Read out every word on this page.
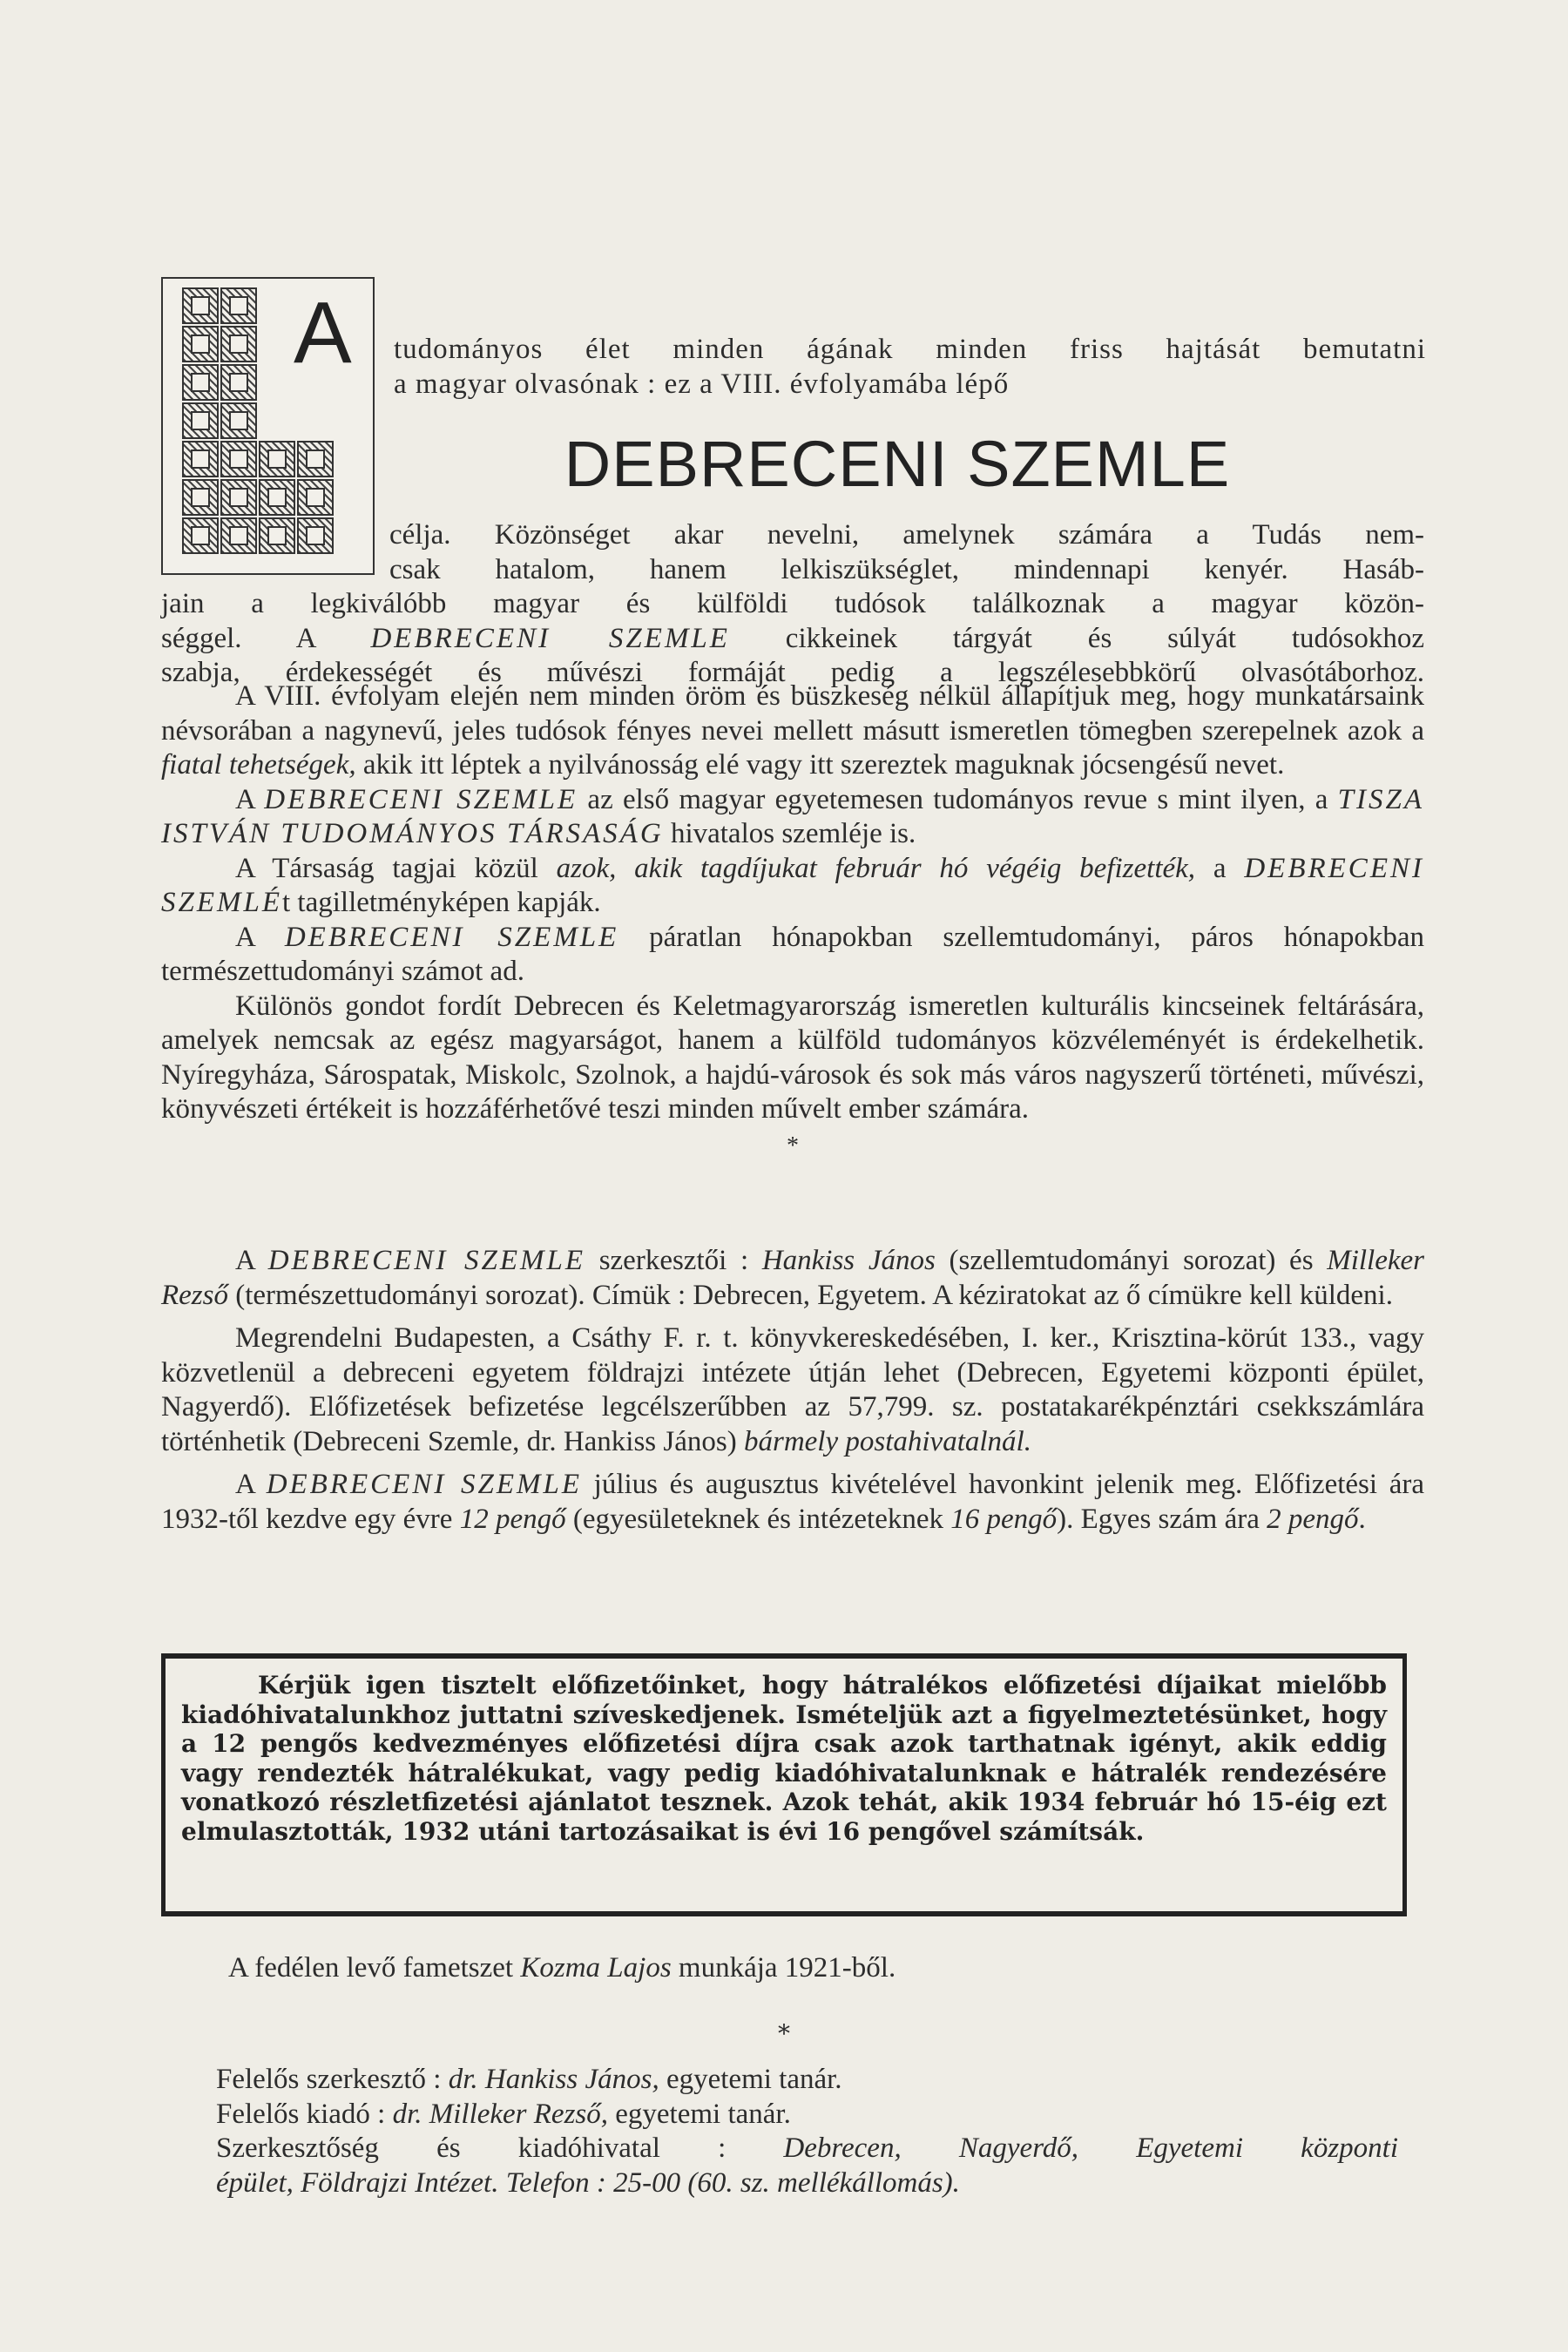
A tudományos élet minden ágának minden friss hajtását bemutatni
a magyar olvasónak : ez a VIII. évfolyamába lépő
DEBRECENI SZEMLE
célja. Közönséget akar nevelni, amelynek számára a Tudás nem-
csak hatalom, hanem lelkiszükséglet, mindennapi kenyér. Hasáb-
jain a legkiválóbb magyar és külföldi tudósok találkoznak a magyar közön-
séggel. A DEBRECENI SZEMLE cikkeinek tárgyát és súlyát tudósokhoz
szabja, érdekességét és művészi formáját pedig a legszélesebbkörű olvasótáborhoz.

A VIII. évfolyam elején nem minden öröm és büszkeség nélkül állapítjuk meg, hogy munkatársaink névsorában a nagynevű, jeles tudósok fényes nevei mellett másutt ismeretlen tömegben szerepelnek azok a fiatal tehetségek, akik itt léptek a nyilvánosság elé vagy itt szereztek maguknak jócsengésű nevet.

A DEBRECENI SZEMLE az első magyar egyetemesen tudományos revue s mint ilyen, a TISZA ISTVÁN TUDOMÁNYOS TÁRSASÁG hivatalos szemléje is.

A Társaság tagjai közül azok, akik tagdíjukat február hó végéig befizették, a DEBRECENI SZEMLÉt tagilletményképen kapják.

A DEBRECENI SZEMLE páratlan hónapokban szellemtudományi, páros hónapokban természettudományi számot ad.

Különös gondot fordít Debrecen és Keletmagyarország ismeretlen kulturális kincseinek feltárására, amelyek nemcsak az egész magyarságot, hanem a külföld tudományos közvéleményét is érdekelhetik. Nyíregyháza, Sárospatak, Miskolc, Szolnok, a hajdú-városok és sok más város nagyszerű történeti, művészi, könyvészeti értékeit is hozzáférhetővé teszi minden művelt ember számára.

*

A DEBRECENI SZEMLE szerkesztői : Hankiss János (szellemtudományi sorozat) és Milleker Rezső (természettudományi sorozat). Címük : Debrecen, Egyetem. A kéziratokat az ő címükre kell küldeni.

Megrendelni Budapesten, a Csáthy F. r. t. könyvkereskedésében, I. ker., Krisztina-körút 133., vagy közvetlenül a debreceni egyetem földrajzi intézete útján lehet (Debrecen, Egyetemi központi épület, Nagyerdő). Előfizetések befizetése legcélszerűbben az 57,799. sz. postatakarékpénztári csekkszámlára történhetik (Debreceni Szemle, dr. Hankiss János) bármely postahivatalnál.

A DEBRECENI SZEMLE július és augusztus kivételével havonkint jelenik meg. Előfizetési ára 1932-től kezdve egy évre 12 pengő (egyesületeknek és intézeteknek 16 pengő). Egyes szám ára 2 pengő.

Kérjük igen tisztelt előfizetőinket, hogy hátralékos előfizetési díjaikat mielőbb kiadóhivatalunkhoz juttatni szíveskedjenek. Ismételjük azt a figyelmeztetésünket, hogy a 12 pengős kedvezményes előfizetési díjra csak azok tarthatnak igényt, akik eddig vagy rendezték hátralékukat, vagy pedig kiadóhivatalunknak e hátralék rendezésére vonatkozó részletfizetési ajánlatot tesznek. Azok tehát, akik 1934 február hó 15-éig ezt elmulasztották, 1932 utáni tartozásaikat is évi 16 pengővel számítsák.

A fedélen levő fametszet Kozma Lajos munkája 1921-ből.
*
Felelős szerkesztő : dr. Hankiss János, egyetemi tanár.
Felelős kiadó : dr. Milleker Rezső, egyetemi tanár.
Szerkesztőség és kiadóhivatal : Debrecen, Nagyerdő, Egyetemi központi
épület, Földrajzi Intézet. Telefon : 25-00 (60. sz. mellékállomás).
